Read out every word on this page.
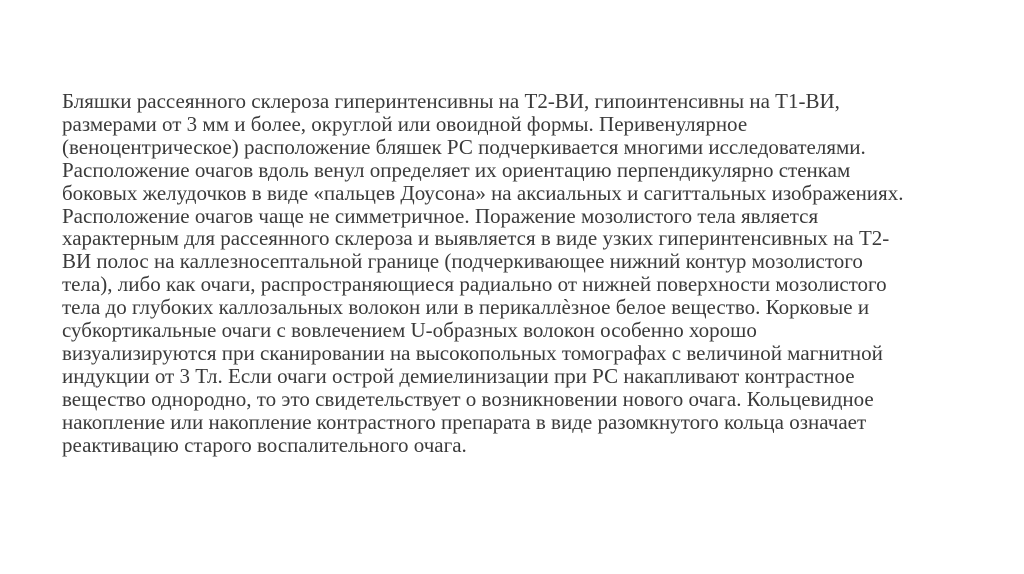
Бляшки рассеянного склероза гиперинтенсивны на Т2-ВИ, гипоинтенсивны на Т1-ВИ,
размерами от 3 мм и более, округлой или овоидной формы. Перивенулярное
(веноцентрическое) расположение бляшек РС подчеркивается многими исследователями.
Расположение очагов вдоль венул определяет их ориентацию перпендикулярно стенкам
боковых желудочков в виде «пальцев Доусона» на аксиальных и сагиттальных изображениях.
Расположение очагов чаще не симметричное. Поражение мозолистого тела является
характерным для рассеянного склероза и выявляется в виде узких гиперинтенсивных на Т2-
ВИ полос на каллезносептальной границе (подчеркивающее нижний контур мозолистого
тела), либо как очаги, распространяющиеся радиально от нижней поверхности мозолистого
тела до глубоких каллозальных волокон или в перикаллѐзное белое вещество. Корковые и
субкортикальные очаги с вовлечением U-образных волокон особенно хорошо
визуализируются при сканировании на высокопольных томографах с величиной магнитной
индукции от 3 Тл. Если очаги острой демиелинизации при РС накапливают контрастное
вещество однородно, то это свидетельствует о возникновении нового очага. Кольцевидное
накопление или накопление контрастного препарата в виде разомкнутого кольца означает
реактивацию старого воспалительного очага.
